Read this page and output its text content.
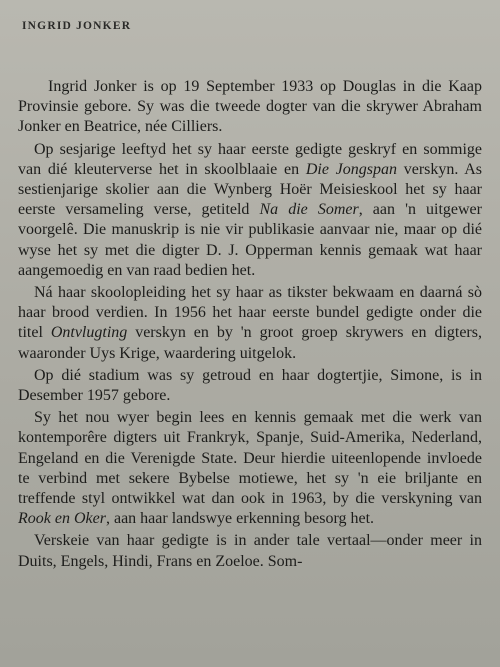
INGRID JONKER

Ingrid Jonker is op 19 September 1933 op Douglas in die Kaap Provinsie gebore. Sy was die tweede dogter van die skrywer Abraham Jonker en Beatrice, née Cilliers.

Op sesjarige leeftyd het sy haar eerste gedigte geskryf en sommige van dié kleuterverse het in skoolblaaie en Die Jongspan verskyn. As sestienjarige skolier aan die Wynberg Hoër Meisieskool het sy haar eerste versameling verse, getiteld Na die Somer, aan 'n uitgewer voorgelê. Die manuskrip is nie vir publikasie aanvaar nie, maar op dié wyse het sy met die digter D. J. Opperman kennis gemaak wat haar aangemoedig en van raad bedien het.

Ná haar skoolopleiding het sy haar as tikster bekwaam en daarná sò haar brood verdien. In 1956 het haar eerste bundel gedigte onder die titel Ontvlugting verskyn en by 'n groot groep skrywers en digters, waaronder Uys Krige, waardering uitgelok.

Op dié stadium was sy getroud en haar dogtertjie, Simone, is in Desember 1957 gebore.

Sy het nou wyer begin lees en kennis gemaak met die werk van kontemporêre digters uit Frankryk, Spanje, Suid-Amerika, Nederland, Engeland en die Verenigde State. Deur hierdie uiteenlopende invloede te verbind met sekere Bybelse motiewe, het sy 'n eie briljante en treffende styl ontwikkel wat dan ook in 1963, by die verskyning van Rook en Oker, aan haar landswye erkenning besorg het.

Verskeie van haar gedigte is in ander tale vertaal—onder meer in Duits, Engels, Hindi, Frans en Zoeloe. Som-
